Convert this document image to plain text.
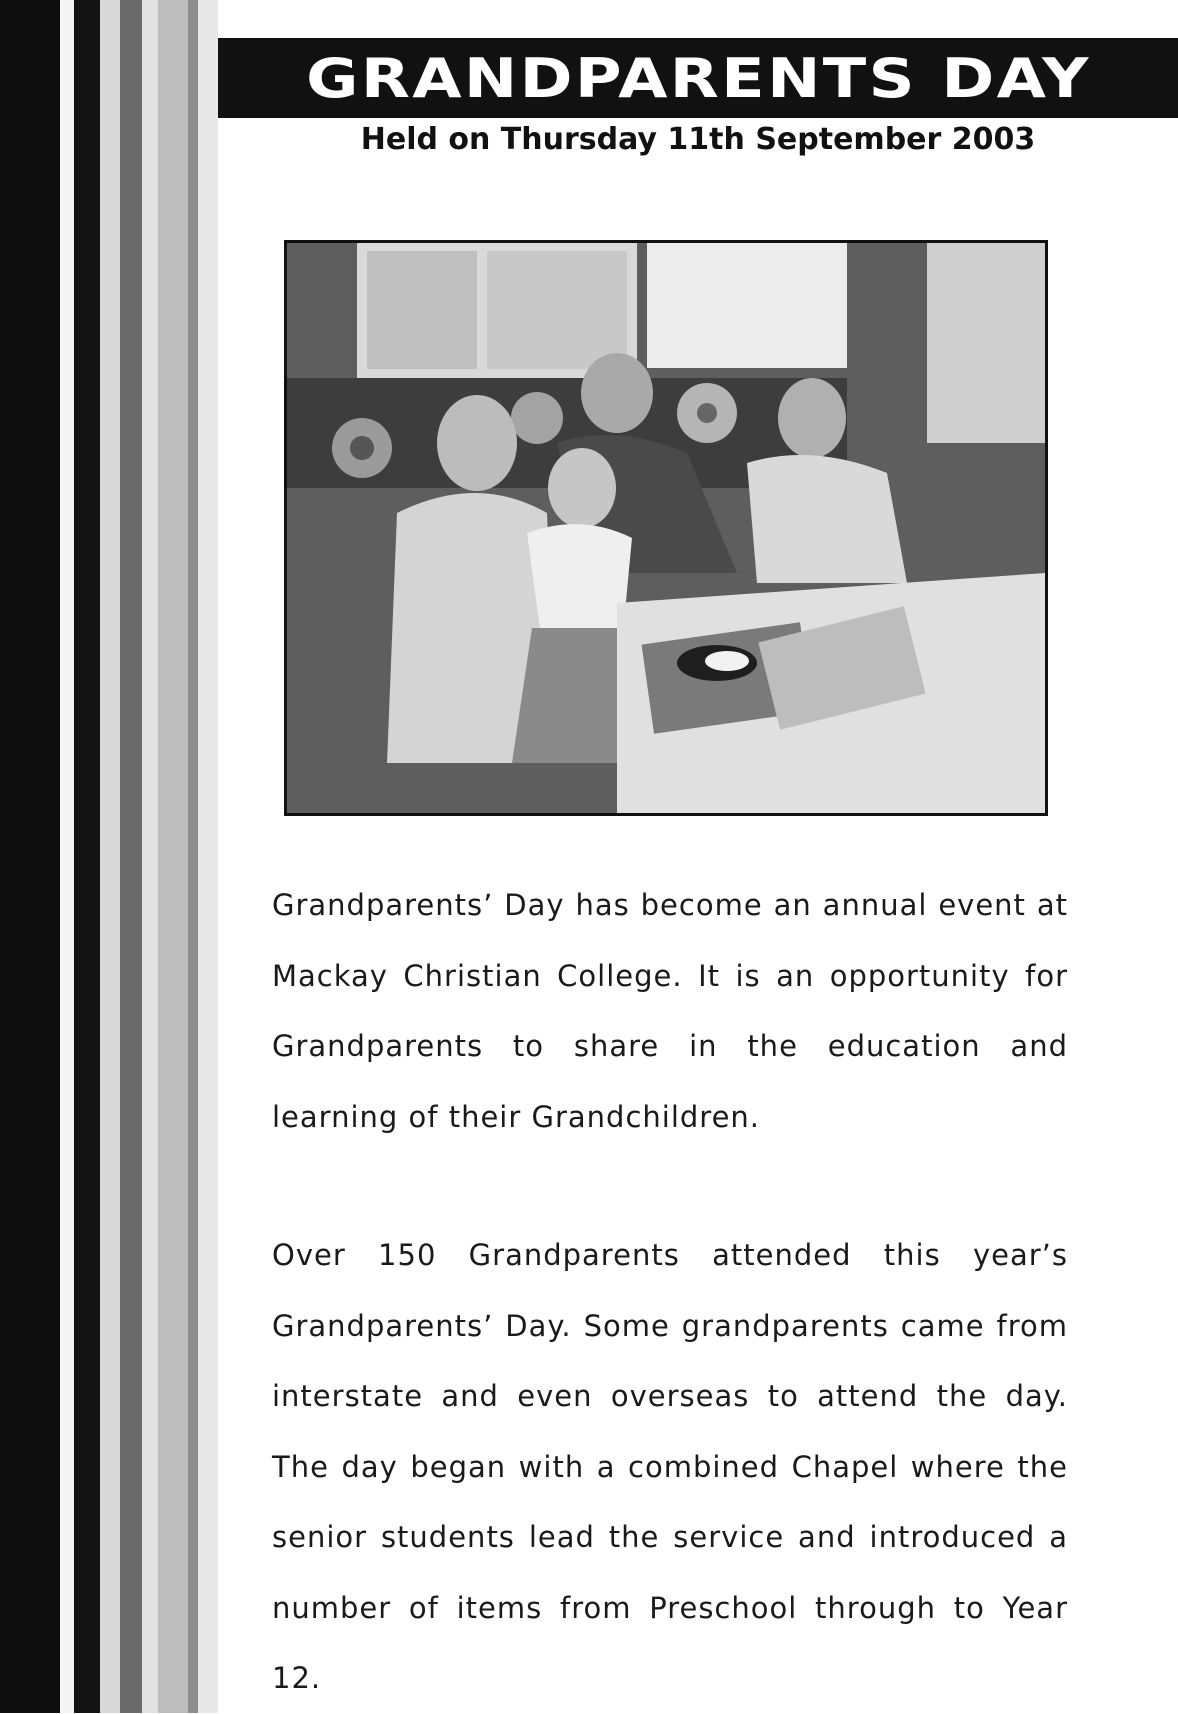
GRANDPARENTS DAY
Held on Thursday 11th September 2003

Grandparents’ Day has become an annual event at Mackay Christian College. It is an opportunity for Grandparents to share in the education and learning of their Grandchildren.

Over 150 Grandparents attended this year’s Grandparents’ Day. Some grandparents came from interstate and even overseas to attend the day. The day began with a combined Chapel where the senior students lead the service and introduced a number of items from Preschool through to Year 12.
